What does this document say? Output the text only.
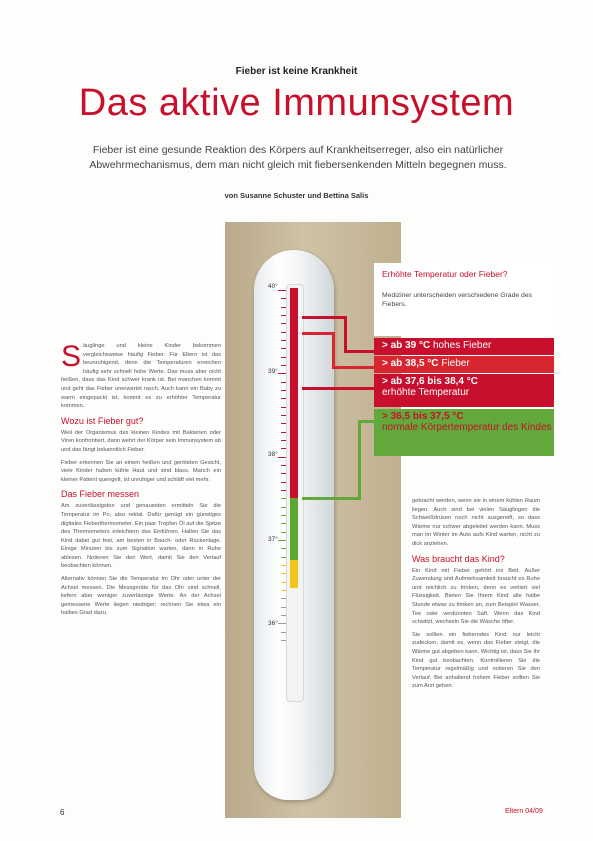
Fieber ist keine Krankheit
Das aktive Immunsystem
Fieber ist eine gesunde Reaktion des Körpers auf Krankheitserreger, also ein natürlicher Abwehrmechanismus, dem man nicht gleich mit fiebersenkenden Mitteln begegnen muss.
von Susanne Schuster und Bettina Salis
40°
39°
38°
37°
36°
Erhöhte Temperatur oder Fieber?
Mediziner unterscheiden verschiedene Grade des Fiebers.
> ab 39 °C hohes Fieber
> ab 38,5 °C Fieber
> ab 37,6 bis 38,4 °C
erhöhte Temperatur
> 36,5 bis 37,5 °C
normale Körpertemperatur des Kindes

Säuglinge und kleine Kinder bekommen vergleichsweise häufig Fieber. Für Eltern ist das beunruhigend, denn die Temperaturen erreichen häufig sehr schnell hohe Werte. Das muss aber nicht heißen, dass das Kind schwer krank ist. Bei manchen kommt und geht das Fieber unerwartet rasch. Auch kann ein Baby zu warm eingepackt ist, kommt es zu erhöhter Temperatur kommen.

Wozu ist Fieber gut?

Weil der Organismus des kleinen Kindes mit Bakterien oder Viren konfrontiert, dann wehrt der Körper sein Immunsystem ab und das fängt bekanntlich Fieber.

Fieber erkennen Sie an einem heißen und geröteten Gesicht, viele Kinder haben kühle Haut und sind blass. Manch ein kleiner Patient quengelt, ist unruhiger und schläft viel mehr.

Das Fieber messen

Am zuverlässigsten und genauesten ermitteln Sie die Temperatur im Po, also rektal. Dafür genügt ein günstiges digitales Fieberthermometer. Ein paar Tropfen Öl auf die Spitze des Thermometers erleichtern das Einführen. Halten Sie das Kind dabei gut fest, am besten in Bauch- oder Rückenlage. Einige Minuten bis zum Signalton warten, dann in Ruhe ablesen. Notieren Sie den Wert, damit Sie den Verlauf beobachten können.

Alternativ können Sie die Temperatur im Ohr oder unter der Achsel messen. Die Messgeräte für das Ohr sind schnell, liefern aber weniger zuverlässige Werte. An der Achsel gemessene Werte liegen niedriger; rechnen Sie etwa ein halbes Grad dazu.

gebracht werden, wenn sie in einem kühlen Raum liegen. Auch sind bei vielen Säuglingen die Schweißdrüsen noch nicht ausgereift, so dass Wärme nur schwer abgeleitet werden kann. Muss man im Winter im Auto aufs Kind warten, nicht zu dick anziehen.

Was braucht das Kind?

Ein Kind mit Fieber gehört ins Bett. Außer Zuwendung und Aufmerksamkeit braucht es Ruhe und reichlich zu trinken, denn es verliert viel Flüssigkeit. Bieten Sie Ihrem Kind alle halbe Stunde etwas zu trinken an, zum Beispiel Wasser, Tee oder verdünnten Saft. Wenn das Kind schwitzt, wechseln Sie die Wäsche öfter.

Sie sollten ein fieberndes Kind nur leicht zudecken, damit es, wenn das Fieber steigt, die Wärme gut abgeben kann. Wichtig ist, dass Sie Ihr Kind gut beobachten. Kontrollieren Sie die Temperatur regelmäßig und notieren Sie den Verlauf. Bei anhaltend hohem Fieber sollten Sie zum Arzt gehen.

6	Eltern 04/09
